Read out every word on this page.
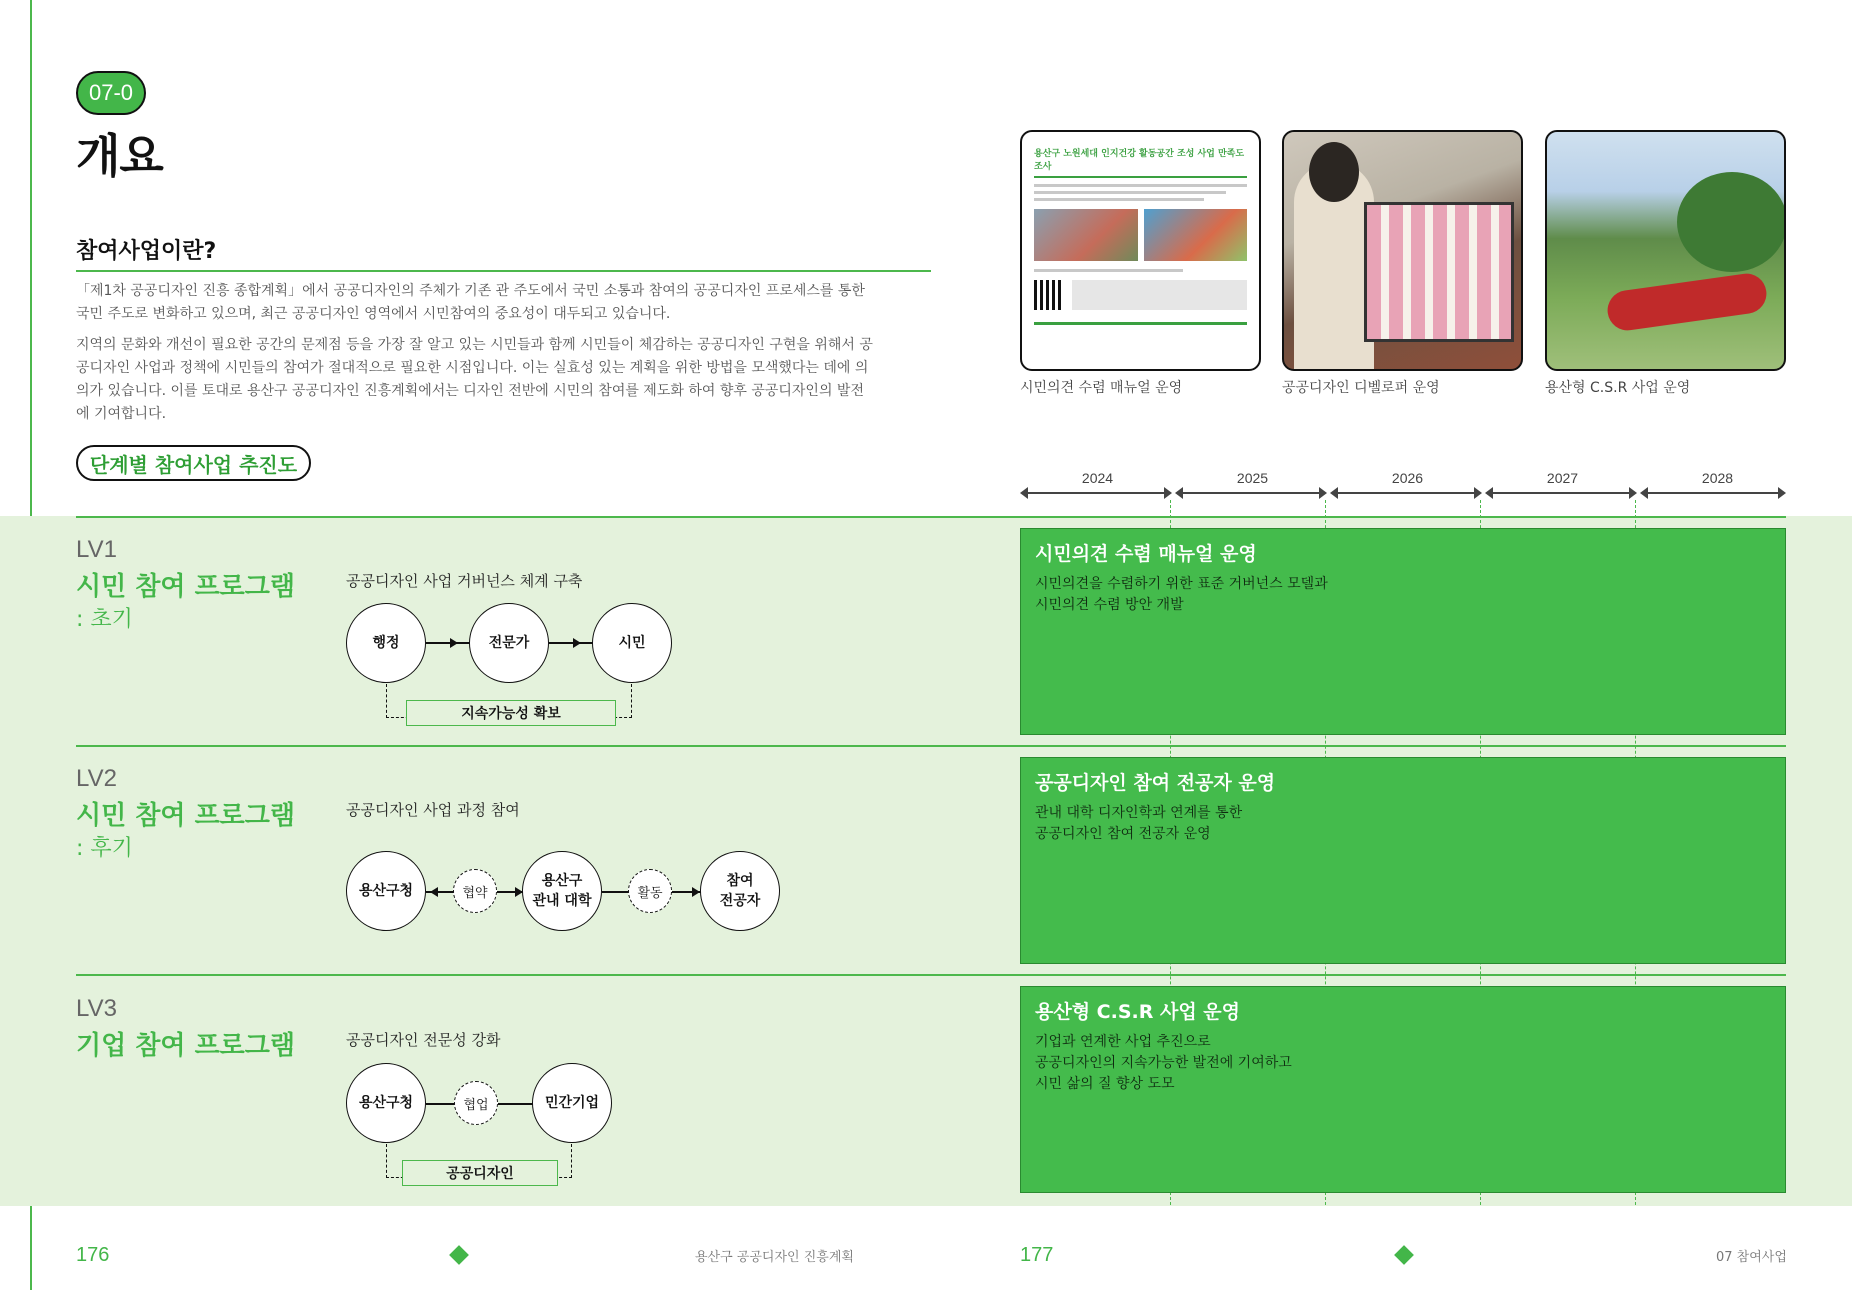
07-0
개요
참여사업이란?

「제1차 공공디자인 진흥 종합계획」에서 공공디자인의 주체가 기존 관 주도에서 국민 소통과 참여의 공공디자인 프로세스를 통한 국민 주도로 변화하고 있으며, 최근 공공디자인 영역에서 시민참여의 중요성이 대두되고 있습니다.

지역의 문화와 개선이 필요한 공간의 문제점 등을 가장 잘 알고 있는 시민들과 함께 시민들이 체감하는 공공디자인 구현을 위해서 공공디자인 사업과 정책에 시민들의 참여가 절대적으로 필요한 시점입니다. 이는 실효성 있는 계획을 위한 방법을 모색했다는 데에 의의가 있습니다. 이를 토대로 용산구 공공디자인 진흥계획에서는 디자인 전반에 시민의 참여를 제도화 하여 향후 공공디자인의 발전에 기여합니다.

용산구 노원세대 인지건강 활동공간 조성 사업 만족도 조사
시민의견 수렴 매뉴얼 운영	공공디자인 디벨로퍼 운영	용산형 C.S.R 사업 운영
단계별 참여사업 추진도
2024	2025	2026	2027	2028
LV1
시민 참여 프로그램
: 초기
공공디자인 사업 거버넌스 체계 구축
행정	전문가	시민
지속가능성 확보
시민의견 수렴 매뉴얼 운영
시민의견을 수렴하기 위한 표준 거버넌스 모델과
시민의견 수렴 방안 개발
LV2
시민 참여 프로그램
: 후기
공공디자인 사업 과정 참여
용산구청	협약
용산구
관내 대학	활동
참여
전공자
공공디자인 참여 전공자 운영
관내 대학 디자인학과 연계를 통한
공공디자인 참여 전공자 운영
LV3
기업 참여 프로그램	공공디자인 전문성 강화
용산구청	협업	민간기업
공공디자인
용산형 C.S.R 사업 운영
기업과 연계한 사업 추진으로
공공디자인의 지속가능한 발전에 기여하고
시민 삶의 질 향상 도모
176	용산구 공공디자인 진흥계획	177	07 참여사업
